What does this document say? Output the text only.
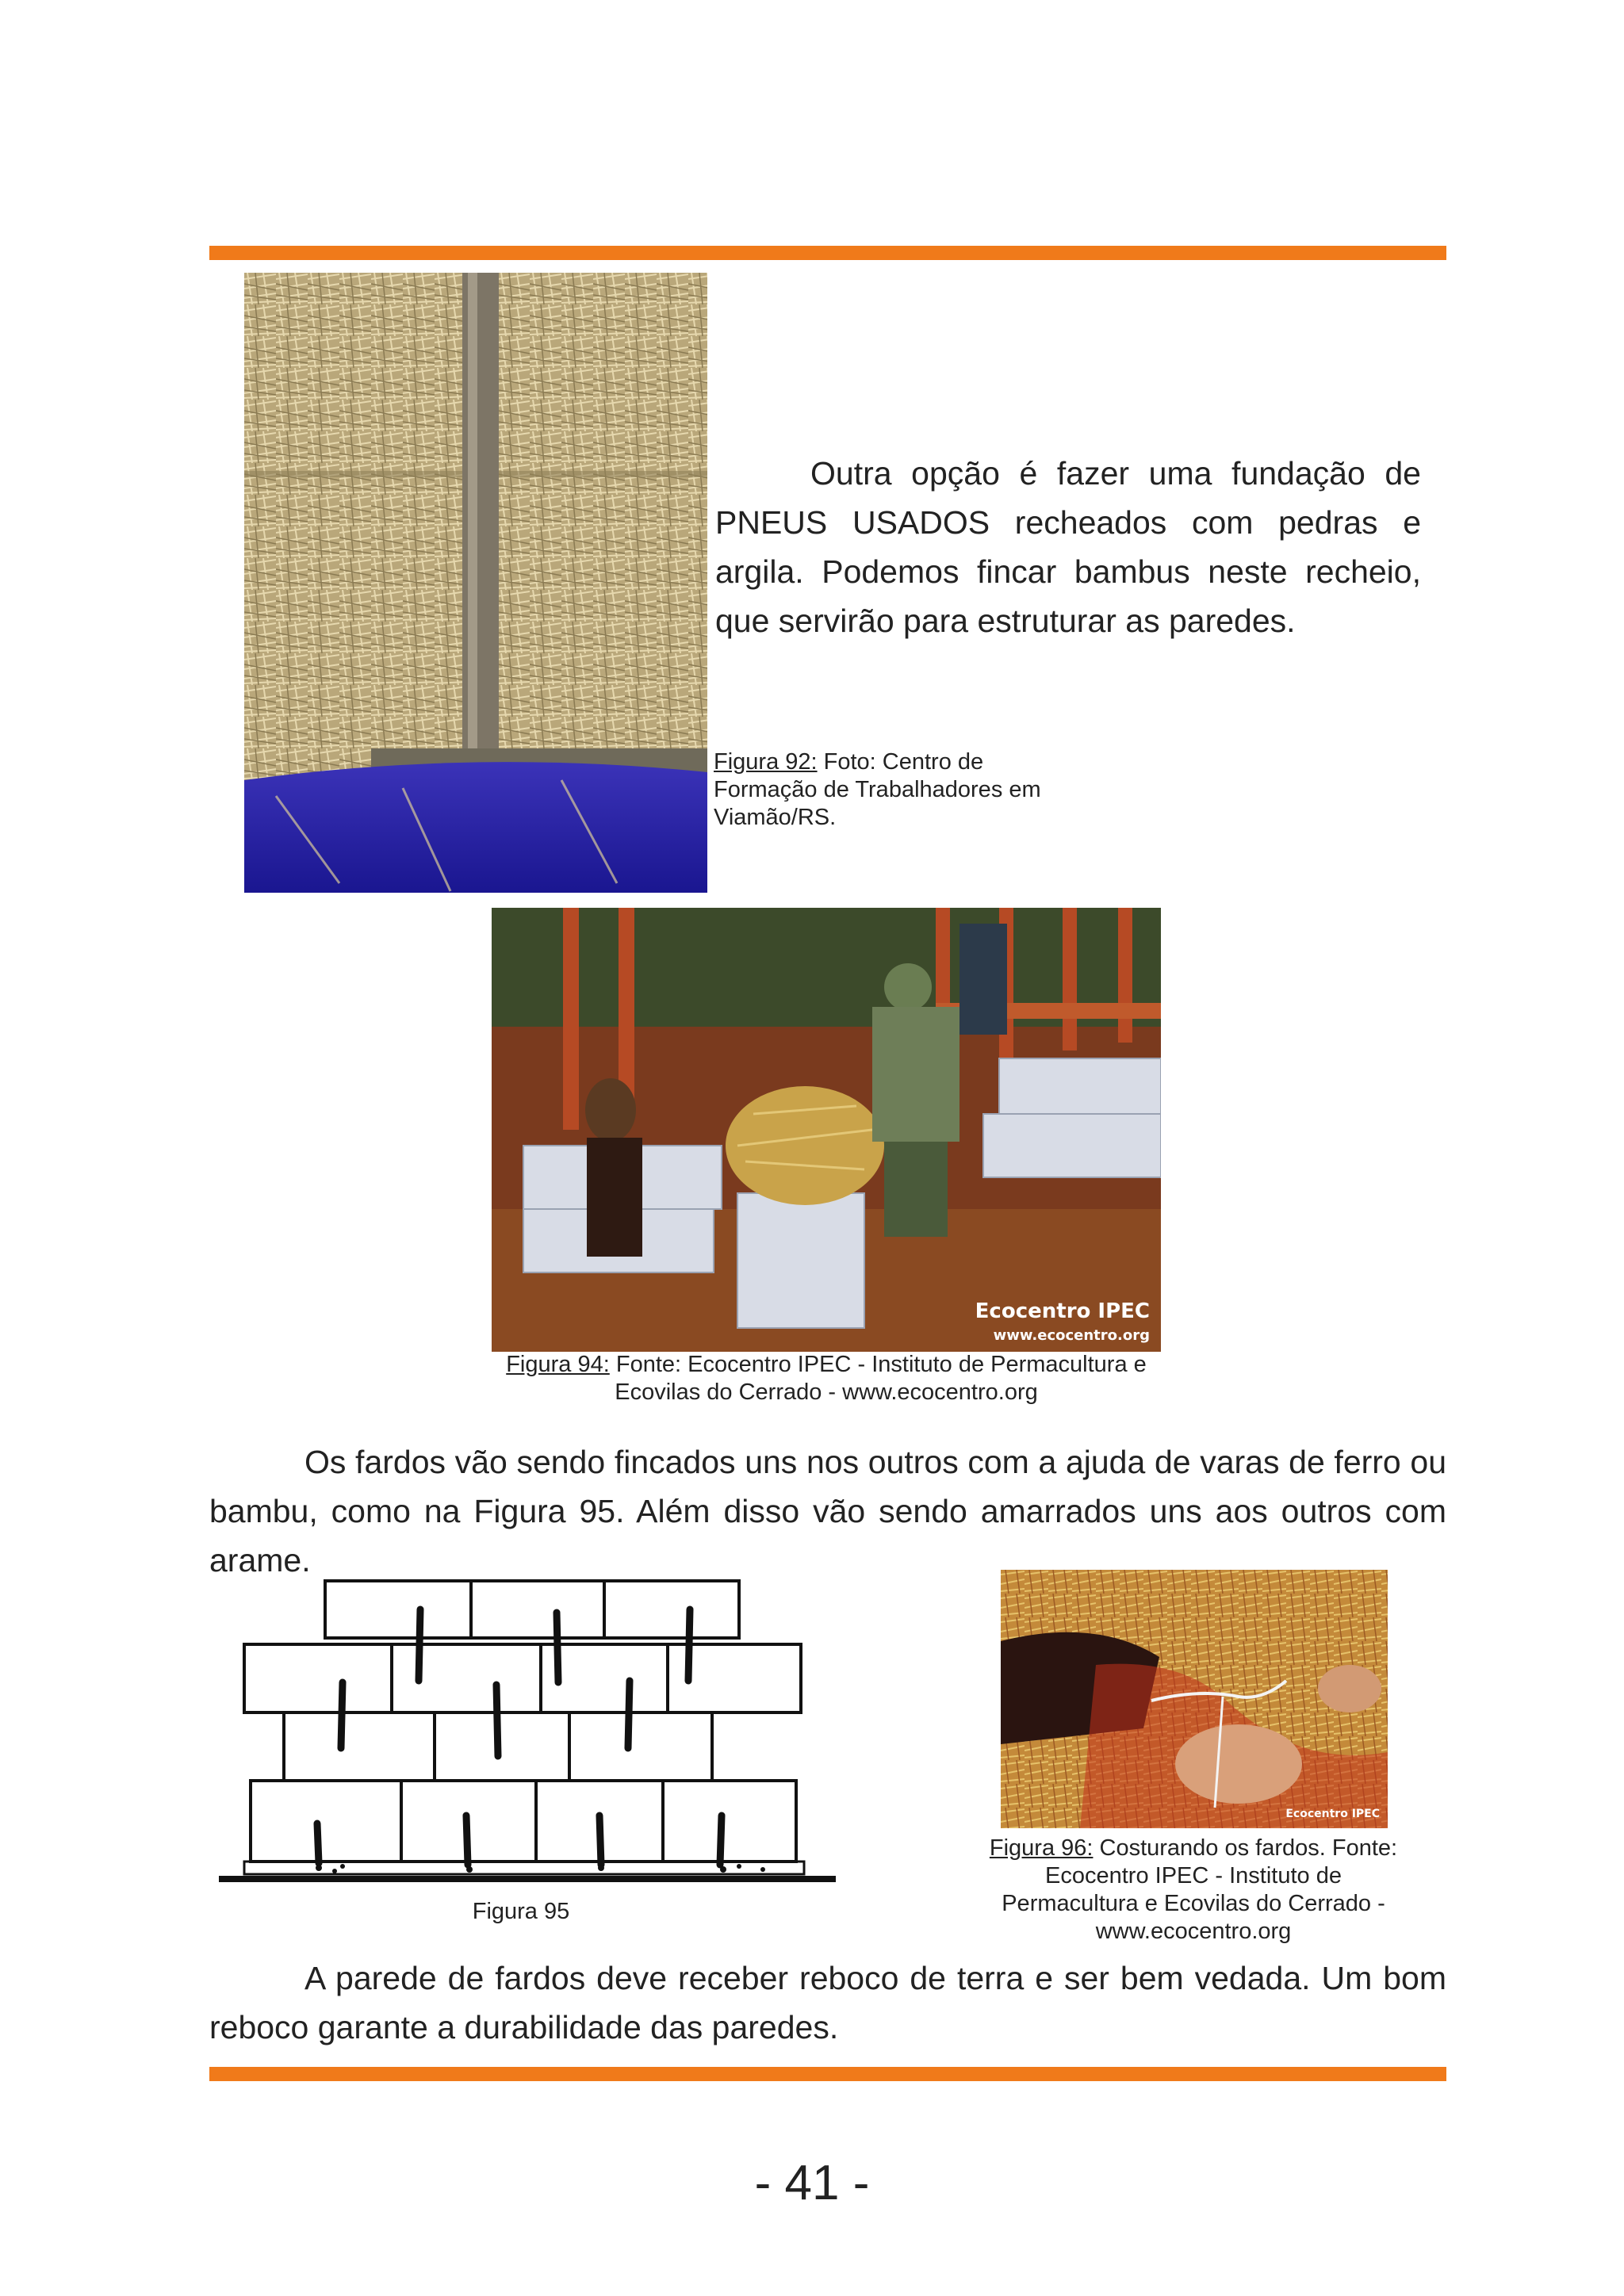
Outra opção é fazer uma fundação de PNEUS USADOS recheados com pedras e argila. Podemos fincar bambus neste recheio, que servirão para estruturar as paredes.

Figura 92: Foto: Centro de Formação de Trabalhadores em Viamão/RS.

Ecocentro IPEC
www.ecocentro.org

Figura 94: Fonte: Ecocentro IPEC - Instituto de Permacultura e Ecovilas do Cerrado - www.ecocentro.org

Os fardos vão sendo fincados uns nos outros com a ajuda de varas de ferro ou bambu, como na Figura 95. Além disso vão sendo amarrados uns aos outros com arame.

Figura 95

Ecocentro IPEC

Figura 96: Costurando os fardos. Fonte: Ecocentro IPEC - Instituto de Permacultura e Ecovilas do Cerrado - www.ecocentro.org

A parede de fardos deve receber reboco de terra e ser bem vedada. Um bom reboco garante a durabilidade das paredes.

- 41 -
